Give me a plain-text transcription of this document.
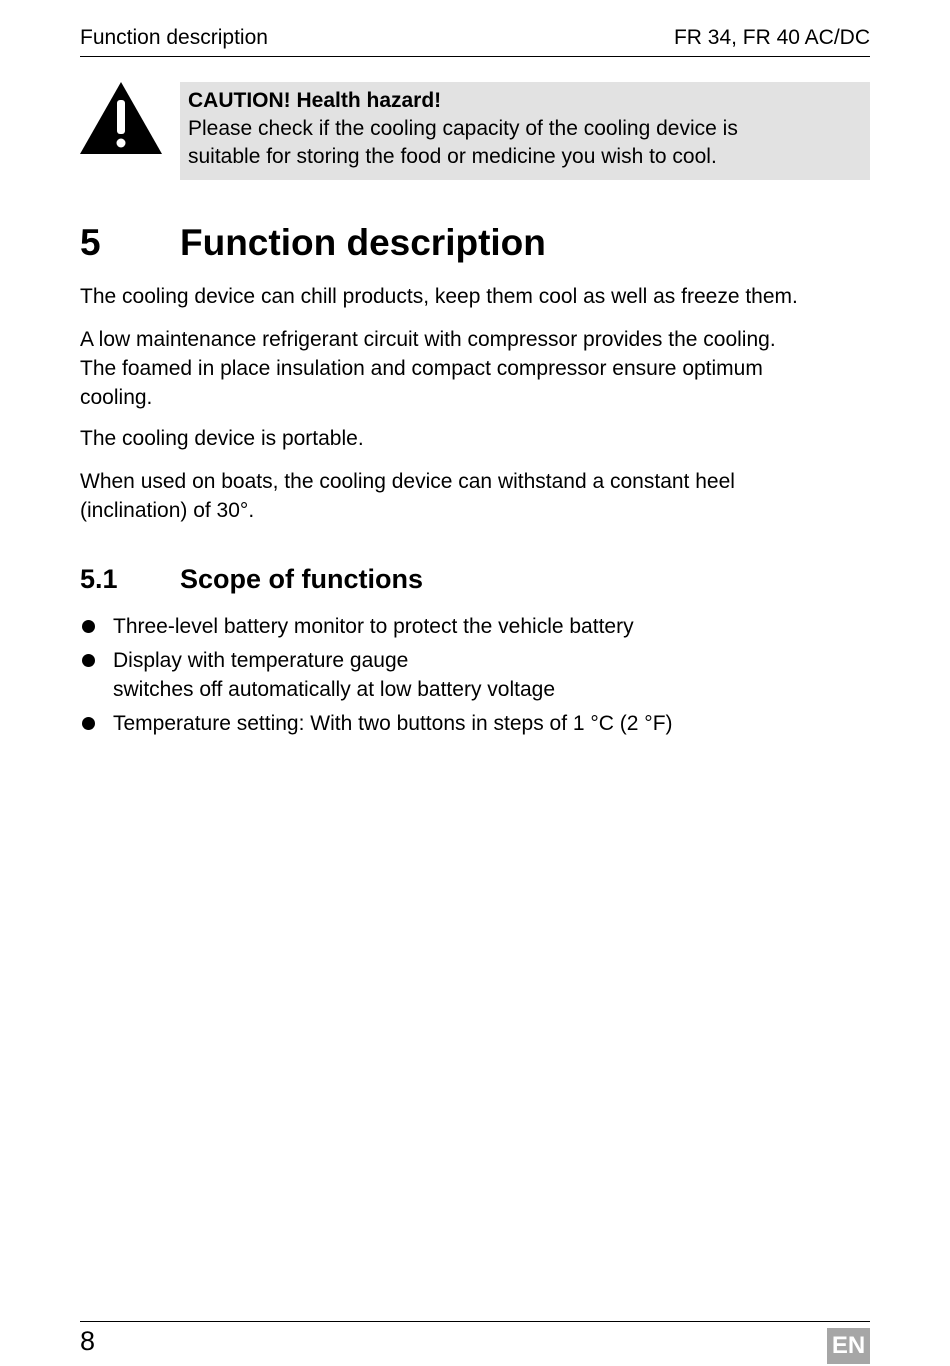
Function description	FR 34, FR 40 AC/DC
CAUTION! Health hazard!
Please check if the cooling capacity of the cooling device is
suitable for storing the food or medicine you wish to cool.
5 Function description

The cooling device can chill products, keep them cool as well as freeze them.

A low maintenance refrigerant circuit with compressor provides the cooling.
The foamed in place insulation and compact compressor ensure optimum
cooling.

The cooling device is portable.

When used on boats, the cooling device can withstand a constant heel
(inclination) of 30°.

5.1 Scope of functions
Three-level battery monitor to protect the vehicle battery
Display with temperature gauge
switches off automatically at low battery voltage
Temperature setting: With two buttons in steps of 1 °C (2 °F)
8	EN
